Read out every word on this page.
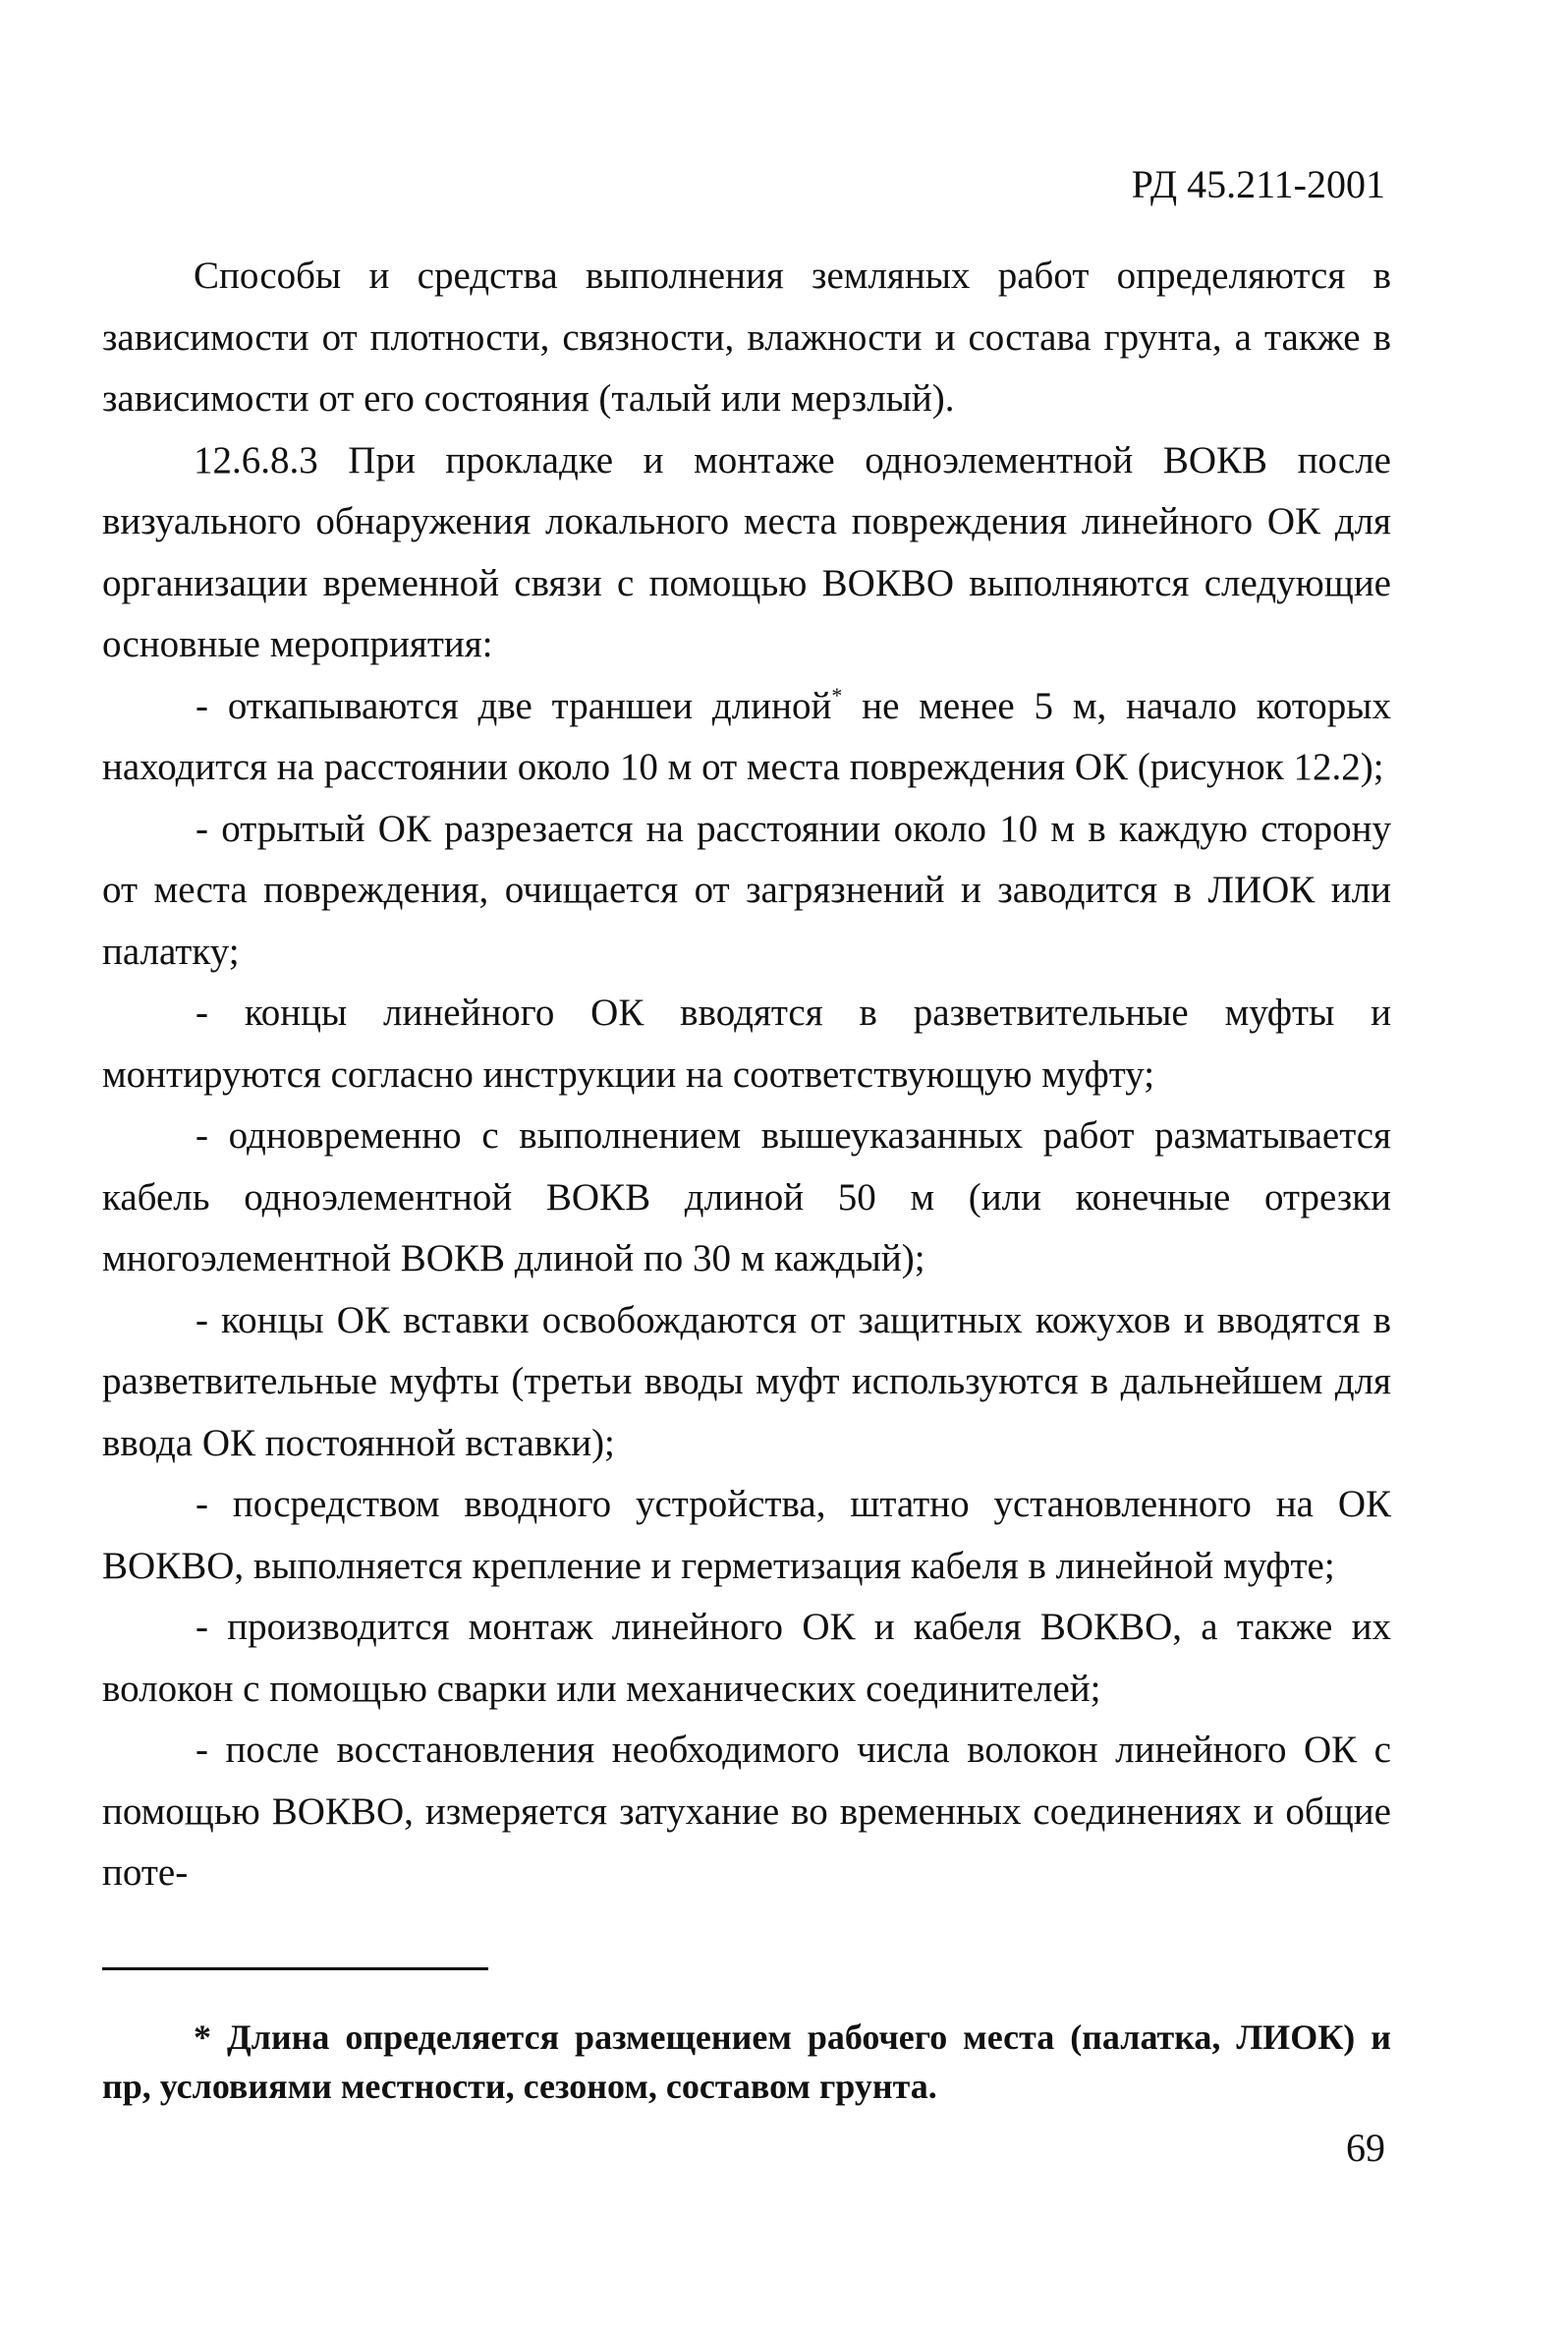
РД 45.211-2001

Способы и средства выполнения земляных работ определяются в зависимости от плотности, связности, влажности и состава грунта, а также в зависимости от его состояния (талый или мерзлый).

12.6.8.3 При прокладке и монтаже одноэлементной ВОКВ после визуального обнаружения локального места повреждения линейного ОК для организации временной связи с помощью ВОКВО выполняются следующие основные мероприятия:

- откапываются две траншеи длиной* не менее 5 м, начало которых находится на расстоянии около 10 м от места повреждения ОК (рисунок 12.2);

- отрытый ОК разрезается на расстоянии около 10 м в каждую сторону от места повреждения, очищается от загрязнений и заводится в ЛИОК или палатку;

- концы линейного ОК вводятся в разветвительные муфты и монтируются согласно инструкции на соответствующую муфту;

- одновременно с выполнением вышеуказанных работ разматывается кабель одноэлементной ВОКВ длиной 50 м (или конечные отрезки многоэлементной ВОКВ длиной по 30 м каждый);

- концы ОК вставки освобождаются от защитных кожухов и вводятся в разветвительные муфты (третьи вводы муфт используются в дальнейшем для ввода ОК постоянной вставки);

- посредством вводного устройства, штатно установленного на ОК ВОКВО, выполняется крепление и герметизация кабеля в линейной муфте;

- производится монтаж линейного ОК и кабеля ВОКВО, а также их волокон с помощью сварки или механических соединителей;

- после восстановления необходимого числа волокон линейного ОК с помощью ВОКВО, измеряется затухание во временных соединениях и общие поте-

* Длина определяется размещением рабочего места (палатка, ЛИОК) и пр, условиями местности, сезоном, составом грунта.
69
